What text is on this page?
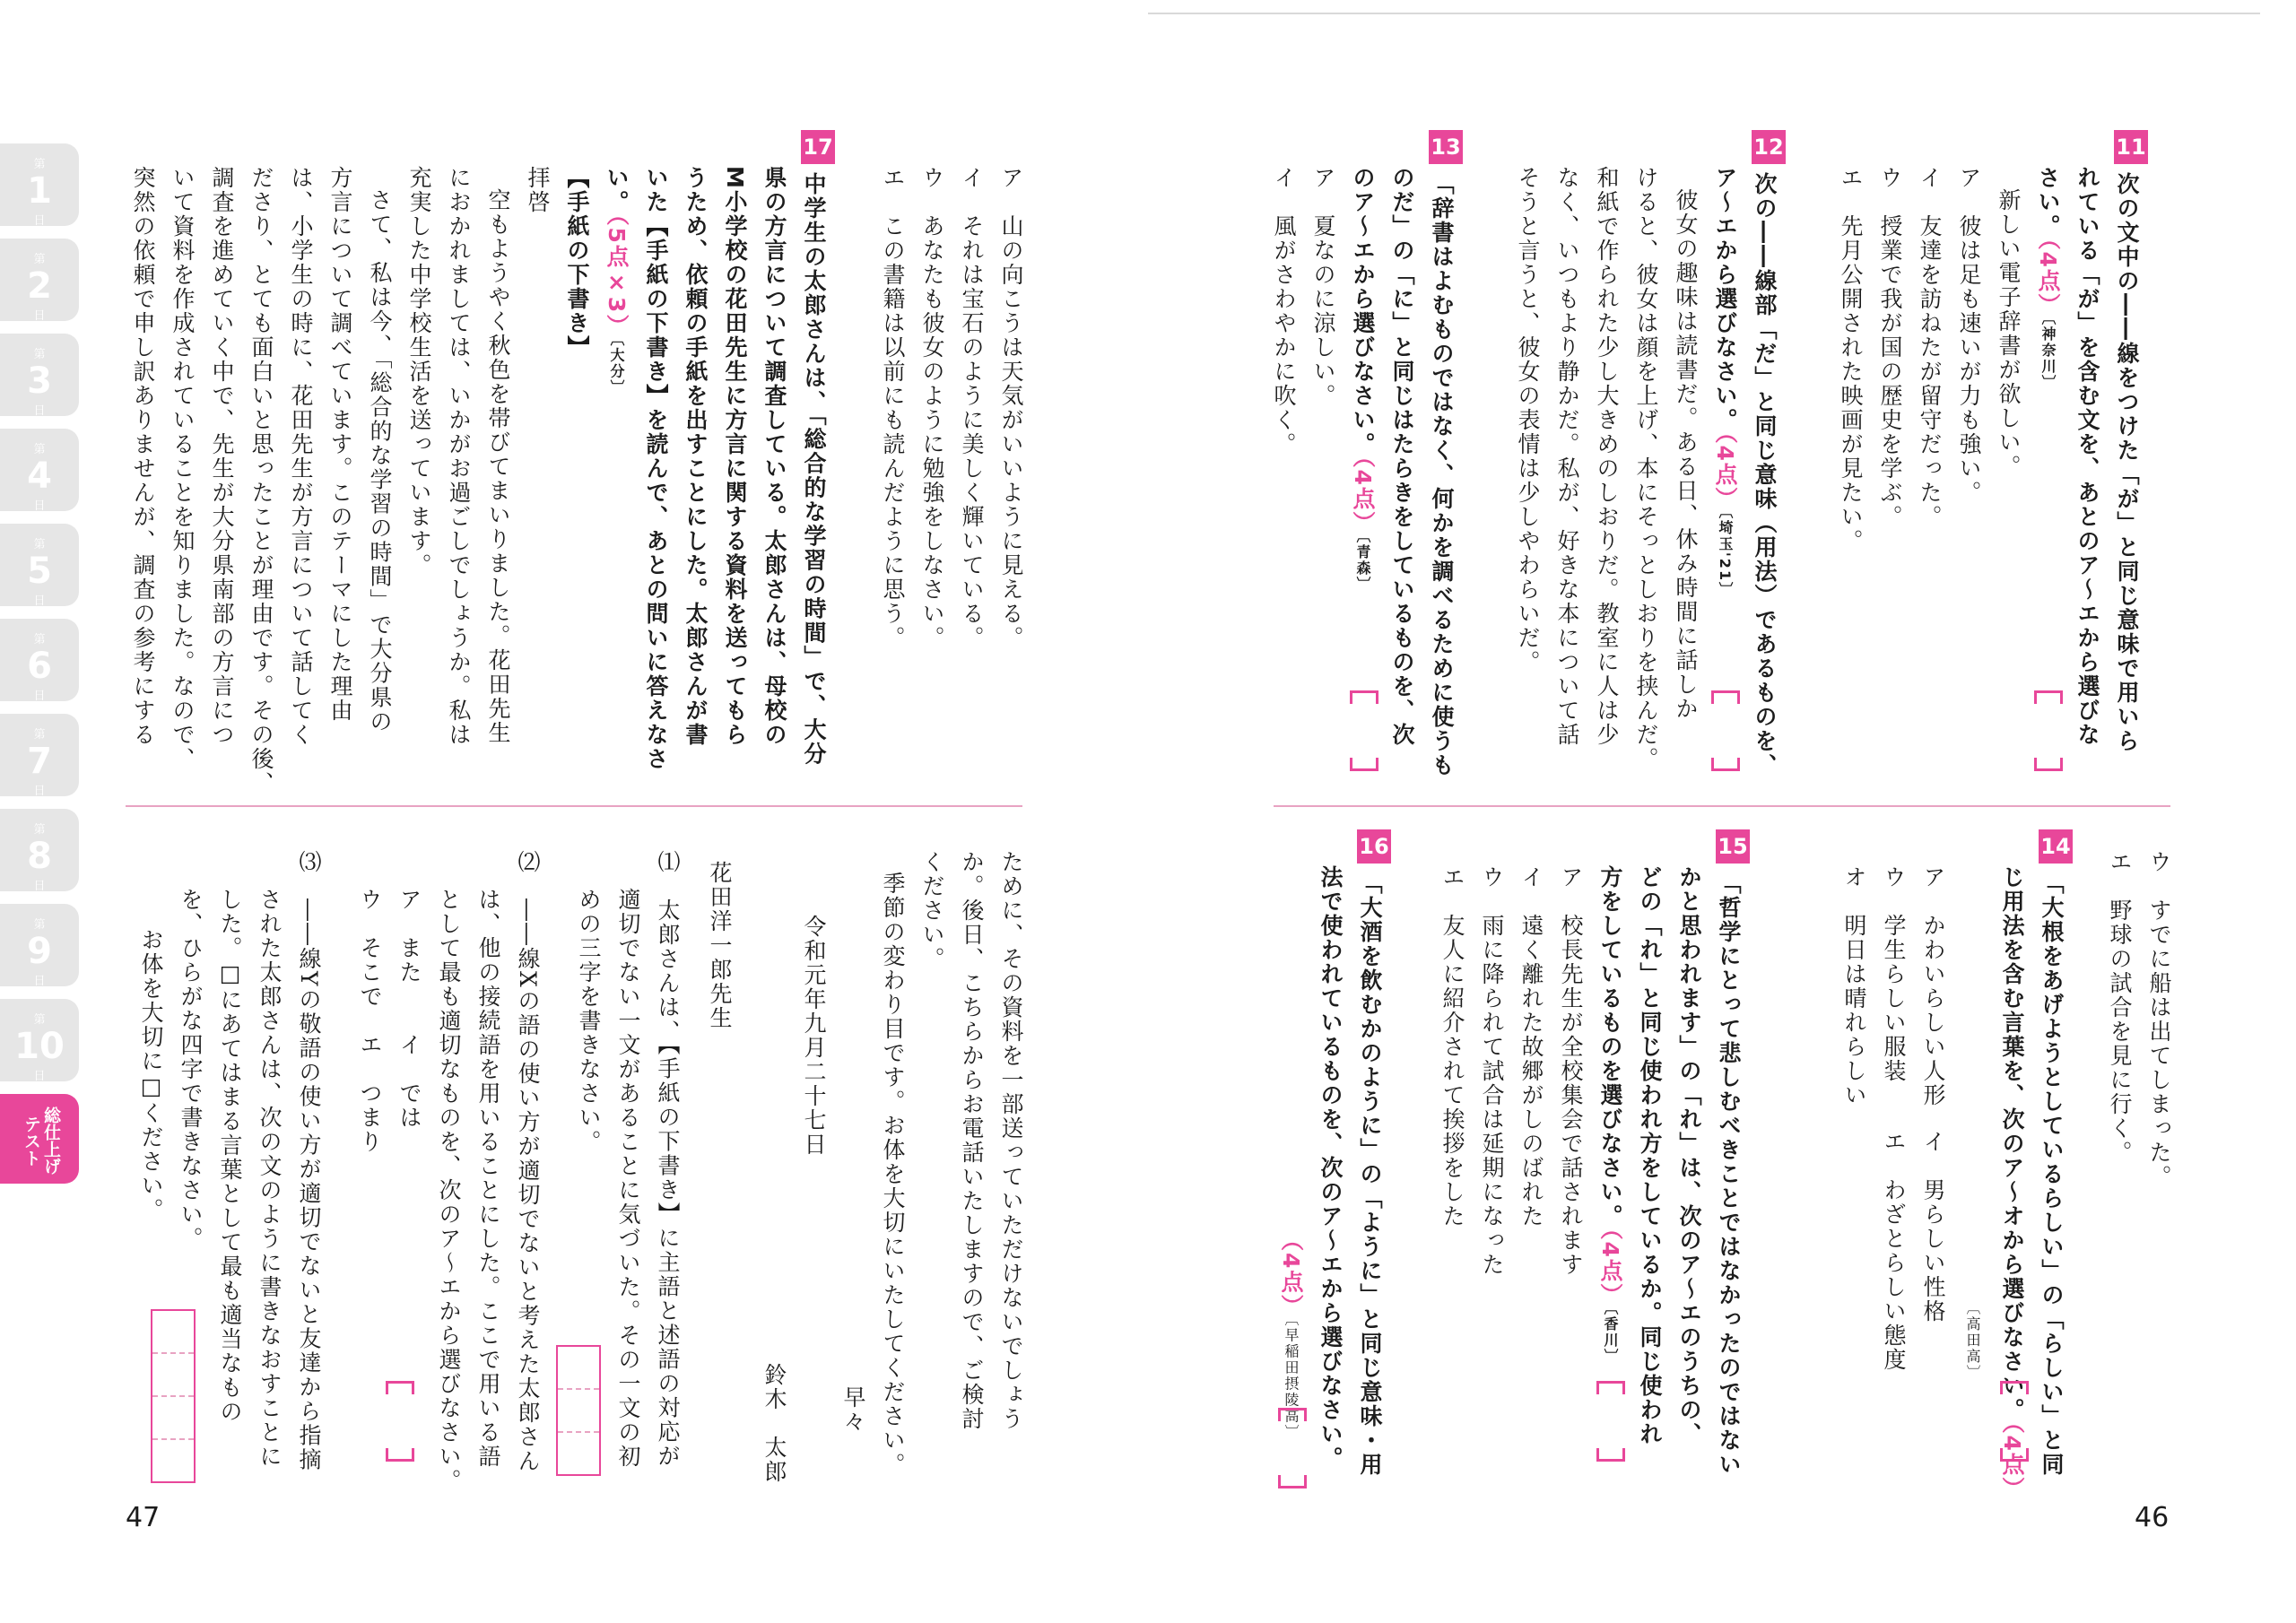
第
1
日
第
2
日
第
3
日
第
4
日
第
5
日
第
6
日
第
7
日
第
8
日
第
9
日
第
10
日
総仕上げテスト
ア　山の向こうは天気がいいように見える。
イ　それは宝石のように美しく輝いている。
ウ　あなたも彼女のように勉強をしなさい。
エ　この書籍は以前にも読んだように思う。
17
中学生の太郎さんは、「総合的な学習の時間」で、大分
県の方言について調査している。太郎さんは、母校の
M小学校の花田先生に方言に関する資料を送ってもら
うため、依頼の手紙を出すことにした。太郎さんが書
いた【手紙の下書き】を読んで、あとの問いに答えなさ
い。（5点×3）〔大分〕
【手紙の下書き】
拝啓
空もようやく秋色を帯びてまいりました。花田先生
におかれましては、いかがお過ごしでしょうか。私は
充実した中学校生活を送っています。
さて、私は今、「総合的な学習の時間」で大分県の
方言について調べています。このテーマにした理由
は、小学生の時に、花田先生が方言について話してく
ださり、とても面白いと思ったことが理由です。その後、
調査を進めていく中で、先生が大分県南部の方言につ
いて資料を作成されていることを知りました。なので、
突然の依頼で申し訳ありませんが、調査の参考にする
ために、その資料を一部送っていただけないでしょう
か。後日、こちらからお電話いたしますので、ご検討
ください。
季節の変わり目です。お体を大切にいたしてください。
早々
令和元年九月二十七日
鈴木　太郎
花田洋一郎先生
⑴　太郎さんは、【手紙の下書き】に主語と述語の対応が
適切でない一文があることに気づいた。その一文の初
めの三字を書きなさい。
⑵　――線Xの語の使い方が適切でないと考えた太郎さん
は、他の接続語を用いることにした。ここで用いる語
として最も適切なものを、次のア〜エから選びなさい。
ア　また　　イ　では
ウ　そこで　エ　つまり
⑶　――線Yの敬語の使い方が適切でないと友達から指摘
された太郎さんは、次の文のように書きなおすことに
した。□にあてはまる言葉として最も適当なもの
を、ひらがな四字で書きなさい。
お体を大切に□ください。
47
11
次の文中の――線をつけた「が」と同じ意味で用いら
れている「が」を含む文を、あとのア〜エから選びな
さい。（4点）〔神奈川〕
新しい電子辞書が欲しい。
ア　彼は足も速いが力も強い。
イ　友達を訪ねたが留守だった。
ウ　授業で我が国の歴史を学ぶ。
エ　先月公開された映画が見たい。
12
次の――線部「だ」と同じ意味（用法）であるものを、
ア〜エから選びなさい。（4点）〔埼玉'21〕
彼女の趣味は読書だ。ある日、休み時間に話しか
けると、彼女は顔を上げ、本にそっとしおりを挟んだ。
和紙で作られた少し大きめのしおりだ。教室に人は少
なく、いつもより静かだ。私が、好きな本について話
そうと言うと、彼女の表情は少しやわらいだ。
13
「辞書はよむものではなく、何かを調べるために使うも
のだ」の「に」と同じはたらきをしているものを、次
のア〜エから選びなさい。（4点）〔青森〕
ア　夏なのに涼しい。
イ　風がさわやかに吹く。
ウ　すでに船は出てしまった。
エ　野球の試合を見に行く。
14
「大根をあげようとしているらしい」の「らしい」と同
じ用法を含む言葉を、次のア〜オから選びなさい。（4点）
〔高田高〕
ア　かわいらしい人形
イ　男らしい性格
ウ　学生らしい服装
エ　わざとらしい態度
オ　明日は晴れらしい
15
「哲学にとって悲しむべきことではなかったのではない
かと思われます」の「れ」は、次のア〜エのうちの、
どの「れ」と同じ使われ方をしているか。同じ使われ
方をしているものを選びなさい。（4点）〔香川〕
ア　校長先生が全校集会で話されます
イ　遠く離れた故郷がしのばれた
ウ　雨に降られて試合は延期になった
エ　友人に紹介されて挨拶をした
16
「大酒を飲むかのように」の「ように」と同じ意味・用
法で使われているものを、次のア〜エから選びなさい。
（4点）〔早稲田摂陵高〕
46
